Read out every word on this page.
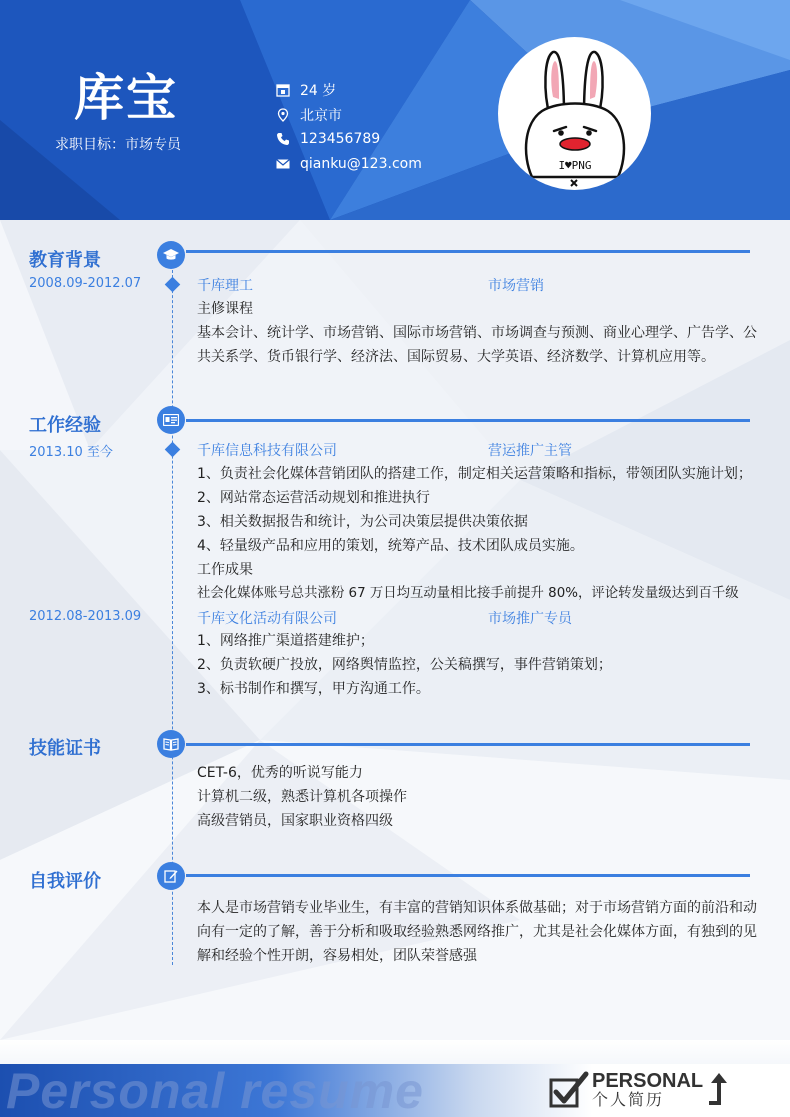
库宝
求职目标：市场专员
24 岁
北京市
123456789
qianku@123.com	I♥PNG
教育背景
2008.09-2012.07	千库理工	市场营销
主修课程
基本会计、统计学、市场营销、国际市场营销、市场调查与预测、商业心理学、广告学、公
共关系学、货币银行学、经济法、国际贸易、大学英语、经济数学、计算机应用等。
工作经验
2013.10 至今	千库信息科技有限公司	营运推广主管
1、负责社会化媒体营销团队的搭建工作，制定相关运营策略和指标，带领团队实施计划；
2、网站常态运营活动规划和推进执行
3、相关数据报告和统计，为公司决策层提供决策依据
4、轻量级产品和应用的策划，统筹产品、技术团队成员实施。
工作成果
社会化媒体账号总共涨粉 67 万日均互动量相比接手前提升 80%，评论转发量级达到百千级
2012.08-2013.09	千库文化活动有限公司	市场推广专员
1、网络推广渠道搭建维护；
2、负责软硬广投放，网络舆情监控，公关稿撰写，事件营销策划；
3、标书制作和撰写，甲方沟通工作。
技能证书
CET-6，优秀的听说写能力
计算机二级，熟悉计算机各项操作
高级营销员，国家职业资格四级
自我评价
本人是市场营销专业毕业生，有丰富的营销知识体系做基础；对于市场营销方面的前沿和动
向有一定的了解，善于分析和吸取经验熟悉网络推广，尤其是社会化媒体方面，有独到的见
解和经验个性开朗，容易相处，团队荣誉感强
Personal resume	PERSONAL
个人简历
